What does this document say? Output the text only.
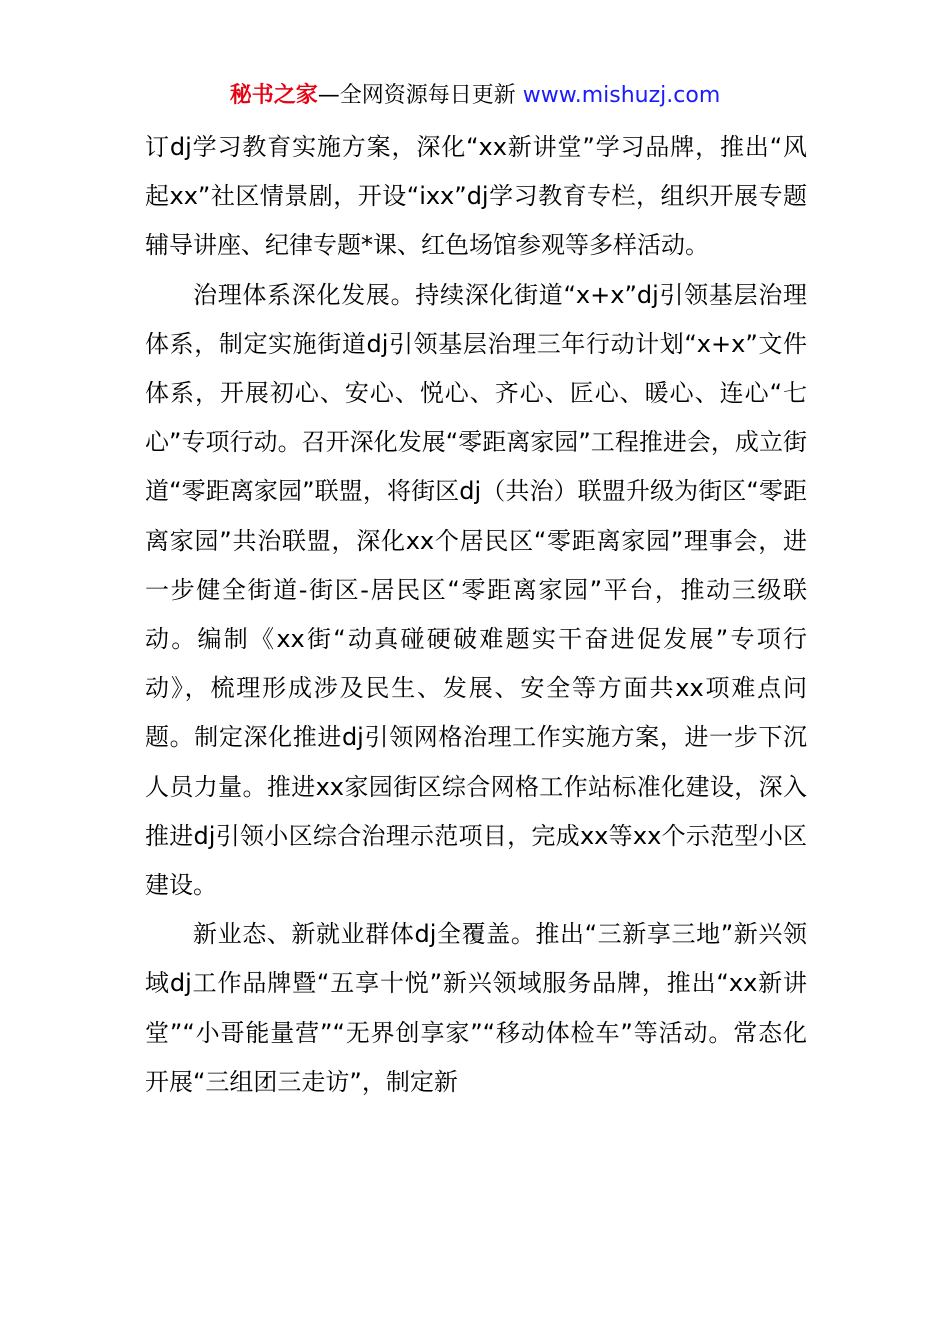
秘书之家—全网资源每日更新 www.mishuzj.com

订dj学习教育实施方案，深化“xx新讲堂”学习品牌，推出“风起xx”社区情景剧，开设“ixx”dj学习教育专栏，组织开展专题辅导讲座、纪律专题*课、红色场馆参观等多样活动。

治理体系深化发展。持续深化街道“x+x”dj引领基层治理体系，制定实施街道dj引领基层治理三年行动计划“x+x”文件体系，开展初心、安心、悦心、齐心、匠心、暖心、连心“七心”专项行动。召开深化发展“零距离家园”工程推进会，成立街道“零距离家园”联盟，将街区dj（共治）联盟升级为街区“零距离家园”共治联盟，深化xx个居民区“零距离家园”理事会，进一步健全街道-街区-居民区“零距离家园”平台，推动三级联动。编制《xx街“动真碰硬破难题实干奋进促发展”专项行动》，梳理形成涉及民生、发展、安全等方面共xx项难点问题。制定深化推进dj引领网格治理工作实施方案，进一步下沉人员力量。推进xx家园街区综合网格工作站标准化建设，深入推进dj引领小区综合治理示范项目，完成xx等xx个示范型小区建设。

新业态、新就业群体dj全覆盖。推出“三新享三地”新兴领域dj工作品牌暨“五享十悦”新兴领域服务品牌，推出“xx新讲堂”“小哥能量营”“无界创享家”“移动体检车”等活动。常态化开展“三组团三走访”，制定新
